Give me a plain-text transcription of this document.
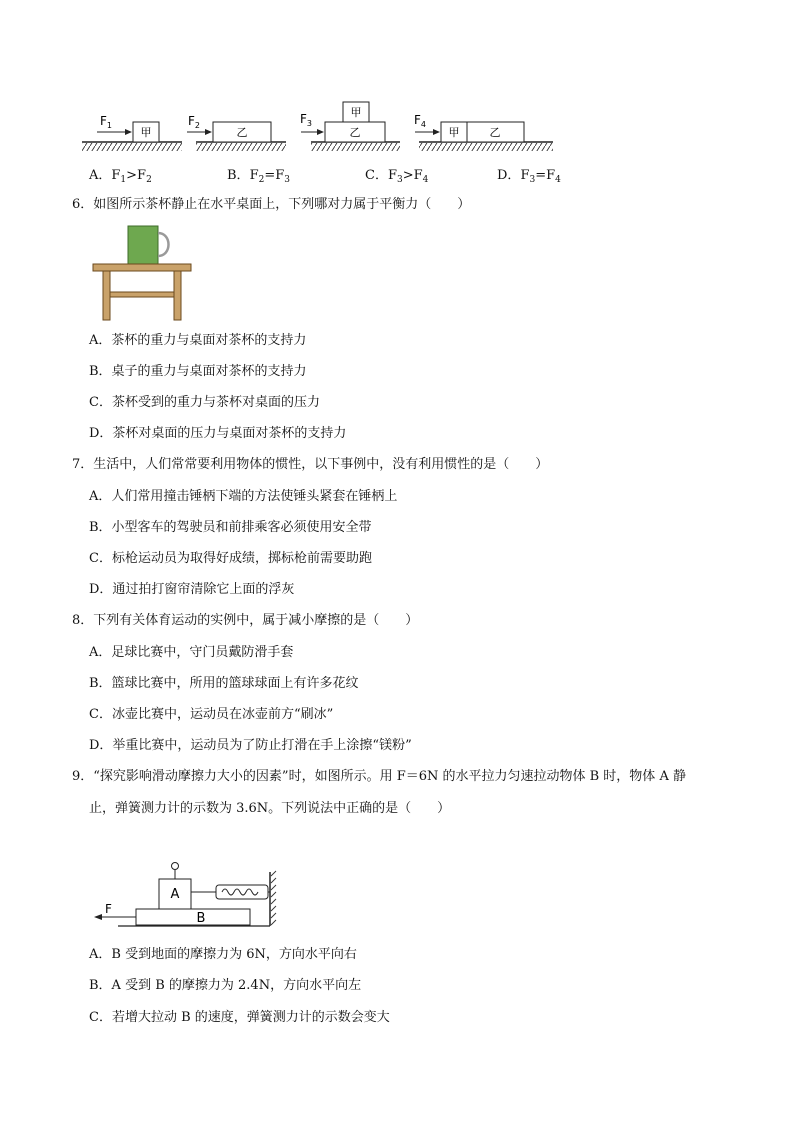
$F_1$
甲
$F_2$
乙
$F_3$
乙
甲
$F_4$
甲	乙
A．$F_1>F_2$	B．$F_2=F_3$	C．$F_3>F_4$	D．$F_3=F_4$
6．如图所示茶杯静止在水平桌面上，下列哪对力属于平衡力（　　）
A．茶杯的重力与桌面对茶杯的支持力
B．桌子的重力与桌面对茶杯的支持力
C．茶杯受到的重力与茶杯对桌面的压力
D．茶杯对桌面的压力与桌面对茶杯的支持力
7．生活中，人们常常要利用物体的惯性，以下事例中，没有利用惯性的是（　　）
A．人们常用撞击锤柄下端的方法使锤头紧套在锤柄上
B．小型客车的驾驶员和前排乘客必须使用安全带
C．标枪运动员为取得好成绩，掷标枪前需要助跑
D．通过拍打窗帘清除它上面的浮灰
8．下列有关体育运动的实例中，属于减小摩擦的是（　　）
A．足球比赛中，守门员戴防滑手套
B．篮球比赛中，所用的篮球球面上有许多花纹
C．冰壶比赛中，运动员在冰壶前方“刷冰”
D．举重比赛中，运动员为了防止打滑在手上涂擦“镁粉”
9．“探究影响滑动摩擦力大小的因素”时，如图所示。用 F＝6N 的水平拉力匀速拉动物体 B 时，物体 A 静
止，弹簧测力计的示数为 3.6N。下列说法中正确的是（　　）
B
A
F
A．B 受到地面的摩擦力为 6N，方向水平向右
B．A 受到 B 的摩擦力为 2.4N，方向水平向左
C．若增大拉动 B 的速度，弹簧测力计的示数会变大
